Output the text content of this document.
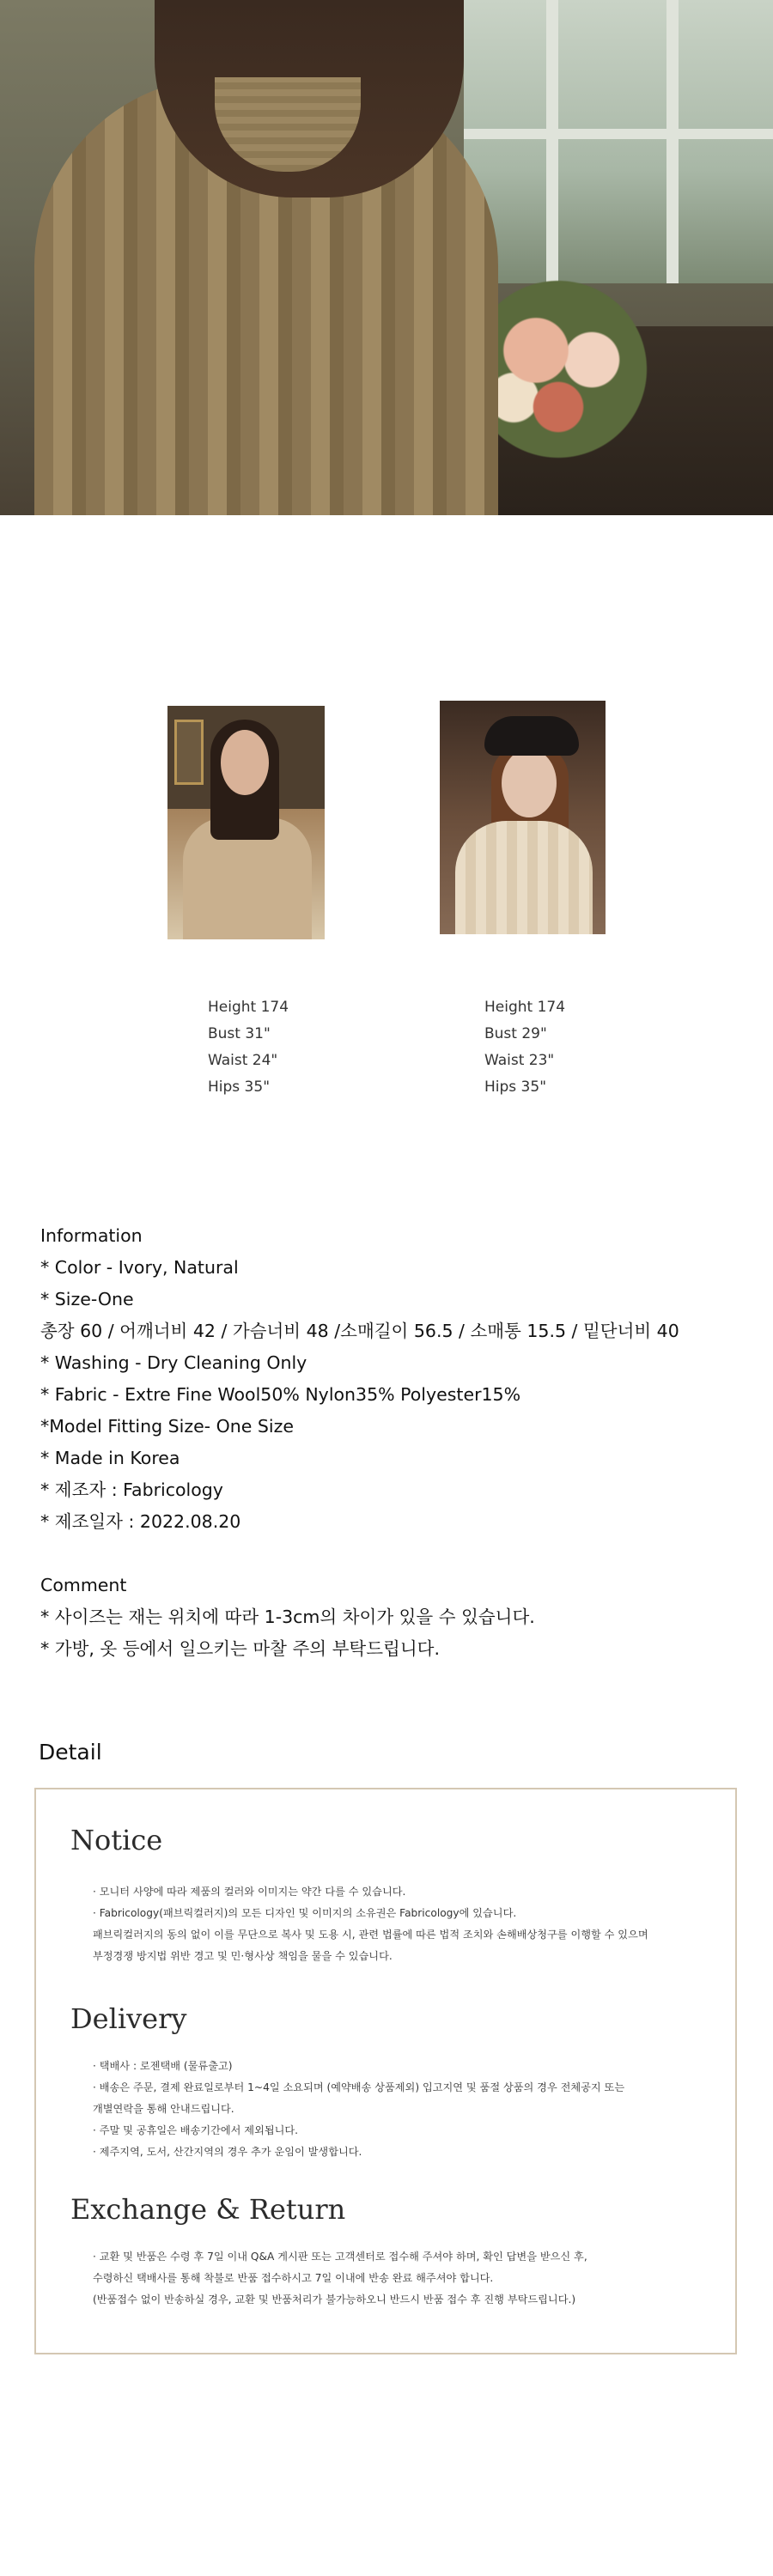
Height 174
Bust 31"
Waist 24"
Hips 35"
Height 174
Bust 29"
Waist 23"
Hips 35"
Information
* Color - Ivory, Natural
* Size-One
총장 60 / 어깨너비 42 / 가슴너비 48 /소매길이 56.5 / 소매통 15.5 / 밑단너비 40
* Washing - Dry Cleaning Only
* Fabric - Extre Fine Wool50% Nylon35% Polyester15%
*Model Fitting Size- One Size
* Made in Korea
* 제조자 : Fabricology
* 제조일자 : 2022.08.20
Comment
* 사이즈는 재는 위치에 따라 1-3cm의 차이가 있을 수 있습니다.
* 가방, 옷 등에서 일으키는 마찰 주의 부탁드립니다.
Detail
Notice
· 모니터 사양에 따라 제품의 컬러와 이미지는 약간 다를 수 있습니다.
· Fabricology(패브릭컬러지)의 모든 디자인 및 이미지의 소유권은 Fabricology에 있습니다.
패브릭컬러지의 동의 없이 이를 무단으로 복사 및 도용 시, 관련 법률에 따른 법적 조치와 손해배상청구를 이행할 수 있으며
부정경쟁 방지법 위반 경고 및 민·형사상 책임을 물을 수 있습니다.
Delivery
· 택배사 : 로젠택배 (물류출고)
· 배송은 주문, 결제 완료일로부터 1~4일 소요되며 (예약배송 상품제외) 입고지연 및 품절 상품의 경우 전체공지 또는
개별연락을 통해 안내드립니다.
· 주말 및 공휴일은 배송기간에서 제외됩니다.
· 제주지역, 도서, 산간지역의 경우 추가 운임이 발생합니다.
Exchange & Return
· 교환 및 반품은 수령 후 7일 이내 Q&A 게시판 또는 고객센터로 접수해 주셔야 하며, 확인 답변을 받으신 후,
수령하신 택배사를 통해 착불로 반품 접수하시고 7일 이내에 반송 완료 해주셔야 합니다.
(반품접수 없이 반송하실 경우, 교환 및 반품처리가 불가능하오니 반드시 반품 접수 후 진행 부탁드립니다.)
